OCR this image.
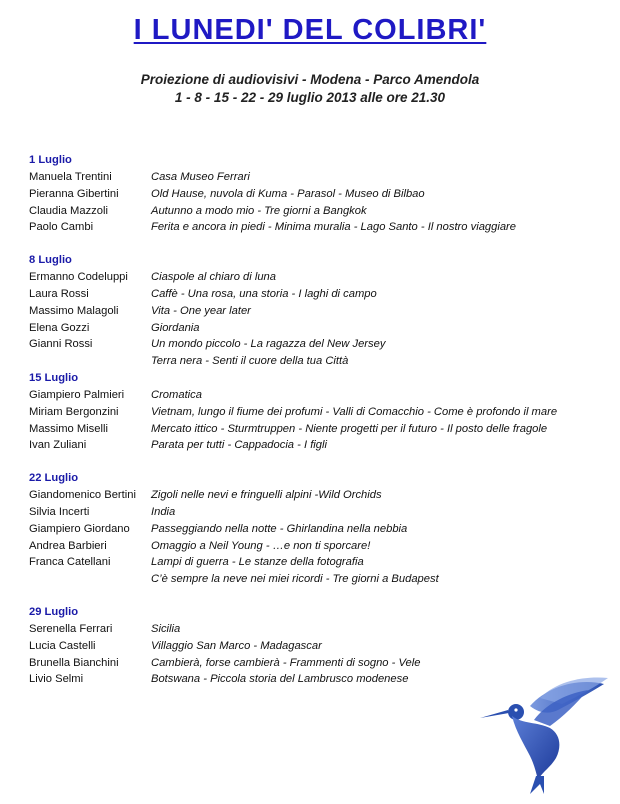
I LUNEDI' DEL COLIBRI'
Proiezione di audiovisivi - Modena - Parco Amendola
1 - 8 - 15 - 22 - 29 luglio 2013 alle ore 21.30
1 Luglio
Manuela Trentini	Casa Museo Ferrari
Pieranna Gibertini	Old Hause, nuvola di Kuma - Parasol - Museo di Bilbao
Claudia Mazzoli	Autunno a modo mio - Tre giorni a Bangkok
Paolo Cambi	Ferita e ancora in piedi - Minima muralia - Lago Santo - Il nostro viaggiare
8 Luglio
Ermanno Codeluppi	Ciaspole al chiaro di luna
Laura Rossi	Caffè - Una rosa, una storia - I laghi di campo
Massimo Malagoli	Vita - One year later
Elena Gozzi	Giordania
Gianni Rossi	Un mondo piccolo - La ragazza del New Jersey
Terra nera - Senti il cuore della tua Città
15 Luglio
Giampiero Palmieri	Cromatica
Miriam Bergonzini	Vietnam, lungo il fiume dei profumi - Valli di Comacchio - Come è profondo il mare
Massimo Miselli	Mercato ittico - Sturmtruppen - Niente progetti per il futuro - Il posto delle fragole
Ivan Zuliani	Parata per tutti - Cappadocia - I figli
22 Luglio
Giandomenico Bertini	Zigoli nelle nevi e fringuelli alpini -Wild Orchids
Silvia Incerti	India
Giampiero Giordano	Passeggiando nella notte - Ghirlandina nella nebbia
Andrea Barbieri	Omaggio a Neil Young - …e non ti sporcare!
Franca Catellani	Lampi di guerra - Le stanze della fotografia
C’è sempre la neve nei miei ricordi - Tre giorni a Budapest
29 Luglio
Serenella Ferrari	Sicilia
Lucia Castelli	Villaggio San Marco - Madagascar
Brunella Bianchini	Cambierà, forse cambierà - Frammenti di sogno - Vele
Livio Selmi	Botswana - Piccola storia del Lambrusco modenese
